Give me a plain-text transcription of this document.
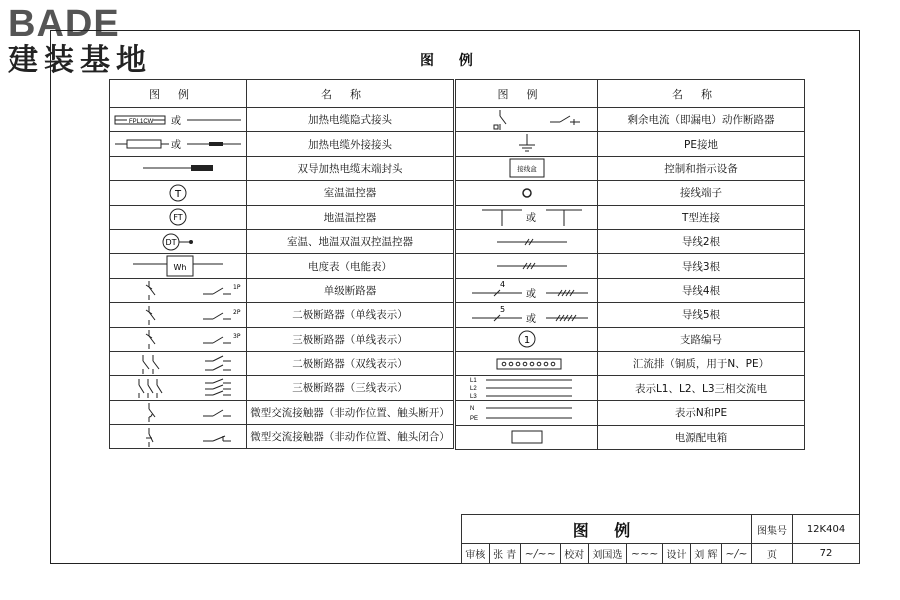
BADE
建装基地	图 例
图例	名称

FPL1CW 或	加热电缆隐式接头

或	加热电缆外接接头

	双导加热电缆末端封头

T	室温温控器

FT	地温温控器

DT	室温、地温双温双控温控器

Wh	电度表（电能表）

1P	单级断路器

2P	二极断路器（单线表示）

3P	三极断路器（单线表示）

	二极断路器（双线表示）

	三极断路器（三线表示）

	微型交流接触器（非动作位置、触头断开）

	微型交流接触器（非动作位置、触头闭合）
图例	名称

	剩余电流（即漏电）动作断路器

	PE接地

接线盒	控制和指示设备

	接线端子

或	T型连接

	导线2根

	导线3根

4
或	导线4根

5
或	导线5根

1	支路编号

	汇流排（铜质，用于N、PE）

L1
L2
L3	表示L1、L2、L3三相交流电

N
PE	表示N和PE

	电源配电箱
图 例									图集号	12K404
审核	张 青	~/~~	校对	刘国选	~~~	设计	刘 辉	~/~	页	72
